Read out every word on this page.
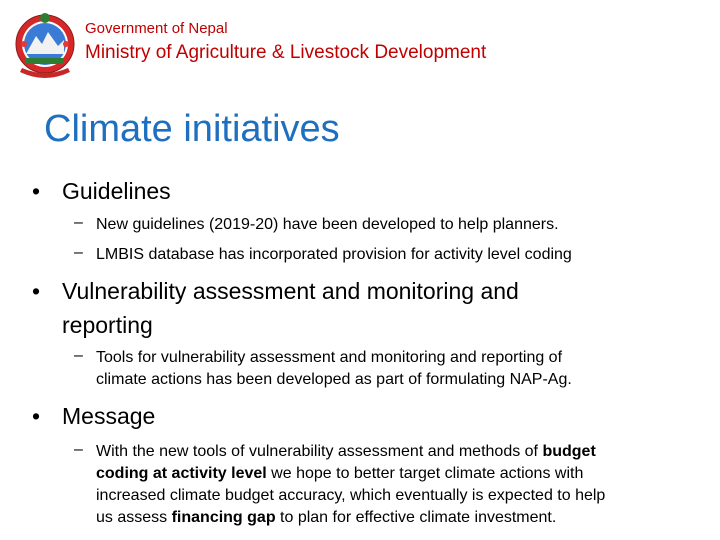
Government of Nepal
Ministry of Agriculture & Livestock Development
Climate initiatives
• Guidelines
– New guidelines (2019-20) have been developed to help planners.
– LMBIS database has incorporated provision for activity level coding
• Vulnerability assessment and monitoring and
reporting
– Tools for vulnerability assessment and monitoring and reporting of
climate actions has been developed as part of formulating NAP-Ag.
• Message
– With the new tools of vulnerability assessment and methods of budget
coding at activity level we hope to better target climate actions with
increased climate budget accuracy, which eventually is expected to help
us assess financing gap to plan for effective climate investment.
